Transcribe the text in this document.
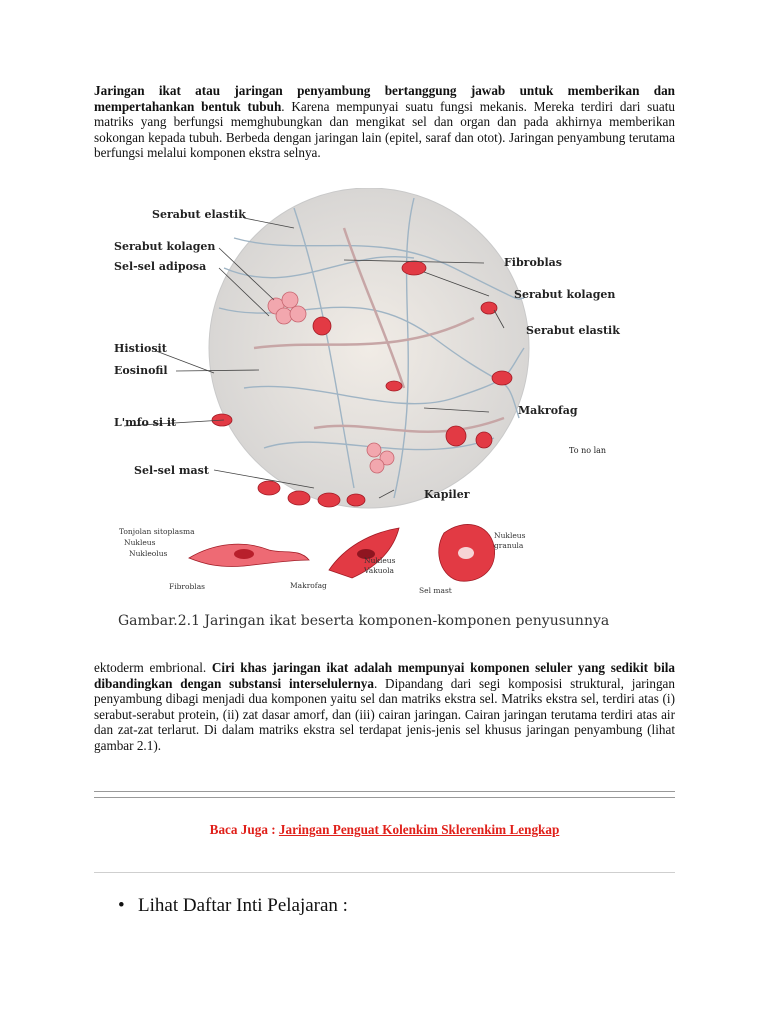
Jaringan ikat atau jaringan penyambung bertanggung jawab untuk memberikan dan mempertahankan bentuk tubuh. Karena mempunyai suatu fungsi mekanis. Mereka terdiri dari suatu matriks yang berfungsi memghubungkan dan mengikat sel dan organ dan pada akhirnya memberikan sokongan kepada tubuh. Berbeda dengan jaringan lain (epitel, saraf dan otot). Jaringan penyambung terutama berfungsi melalui komponen ekstra selnya.

Serabut elastik
Serabut kolagen
Sel-sel adiposa
Histiosit
Eosinofil
L'mfo si it
Sel-sel mast
Fibroblas
Serabut kolagen
Serabut elastik
Makrofag
Kapiler
To no lan
Tonjolan sitoplasma
Nukleus
Nukleolus
Fibroblas
Nukleus
Vakuola
Makrofag
Nukleus
granula
Sel mast
Gambar.2.1 Jaringan ikat beserta komponen-komponen penyusunnya

ektoderm embrional. Ciri khas jaringan ikat adalah mempunyai komponen seluler yang sedikit bila dibandingkan dengan substansi interselulernya. Dipandang dari segi komposisi struktural, jaringan penyambung dibagi menjadi dua komponen yaitu sel dan matriks ekstra sel. Matriks ekstra sel, terdiri atas (i) serabut-serabut protein, (ii) zat dasar amorf, dan (iii) cairan jaringan. Cairan jaringan terutama terdiri atas air dan zat-zat terlarut. Di dalam matriks ekstra sel terdapat jenis-jenis sel khusus jaringan penyambung (lihat gambar 2.1).

Baca Juga : Jaringan Penguat Kolenkim Sklerenkim Lengkap
• Lihat Daftar Inti Pelajaran :
